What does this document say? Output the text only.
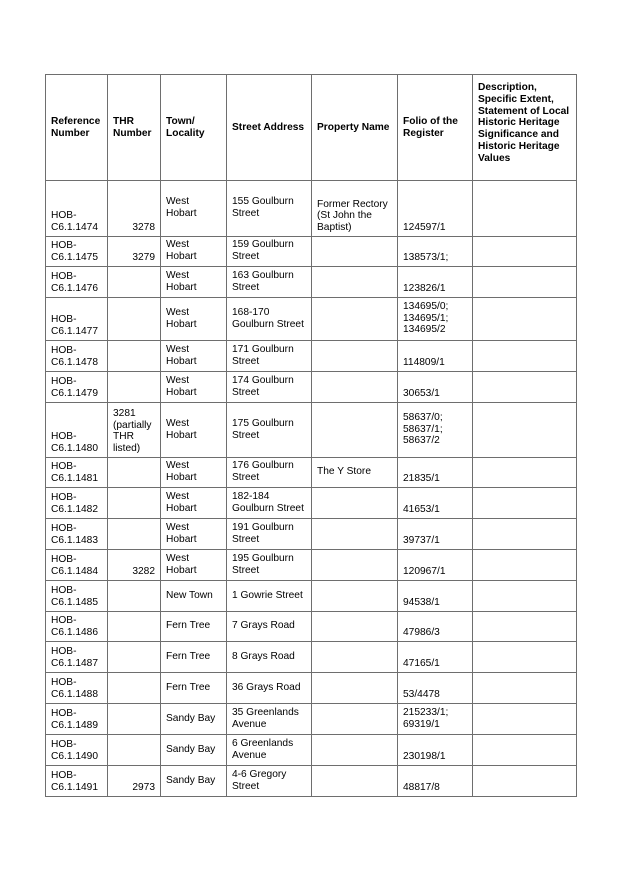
Reference Number	THR Number	Town/ Locality	Street Address	Property Name	Folio of the Register	Description, Specific Extent, Statement of Local Historic Heritage Significance and Historic Heritage Values
HOB-C6.1.1474	3278	West Hobart	155 Goulburn Street	Former Rectory (St John the Baptist)	124597/1	
HOB-C6.1.1475	3279	West Hobart	159 Goulburn Street		138573/1;	
HOB-C6.1.1476		West Hobart	163 Goulburn Street		123826/1	
HOB-C6.1.1477		West Hobart	168-170 Goulburn Street		134695/0; 134695/1; 134695/2	
HOB-C6.1.1478		West Hobart	171 Goulburn Street		114809/1	
HOB-C6.1.1479		West Hobart	174 Goulburn Street		30653/1	
HOB-C6.1.1480	3281 (partially THR listed)	West Hobart	175 Goulburn Street		58637/0; 58637/1; 58637/2	
HOB-C6.1.1481		West Hobart	176 Goulburn Street	The Y Store	21835/1	
HOB-C6.1.1482		West Hobart	182-184 Goulburn Street		41653/1	
HOB-C6.1.1483		West Hobart	191 Goulburn Street		39737/1	
HOB-C6.1.1484	3282	West Hobart	195 Goulburn Street		120967/1	
HOB-C6.1.1485		New Town	1 Gowrie Street		94538/1	
HOB-C6.1.1486		Fern Tree	7 Grays Road		47986/3	
HOB-C6.1.1487		Fern Tree	8 Grays Road		47165/1	
HOB-C6.1.1488		Fern Tree	36 Grays Road		53/4478	
HOB-C6.1.1489		Sandy Bay	35 Greenlands Avenue		215233/1; 69319/1	
HOB-C6.1.1490		Sandy Bay	6 Greenlands Avenue		230198/1	
HOB-C6.1.1491	2973	Sandy Bay	4-6 Gregory Street		48817/8	
